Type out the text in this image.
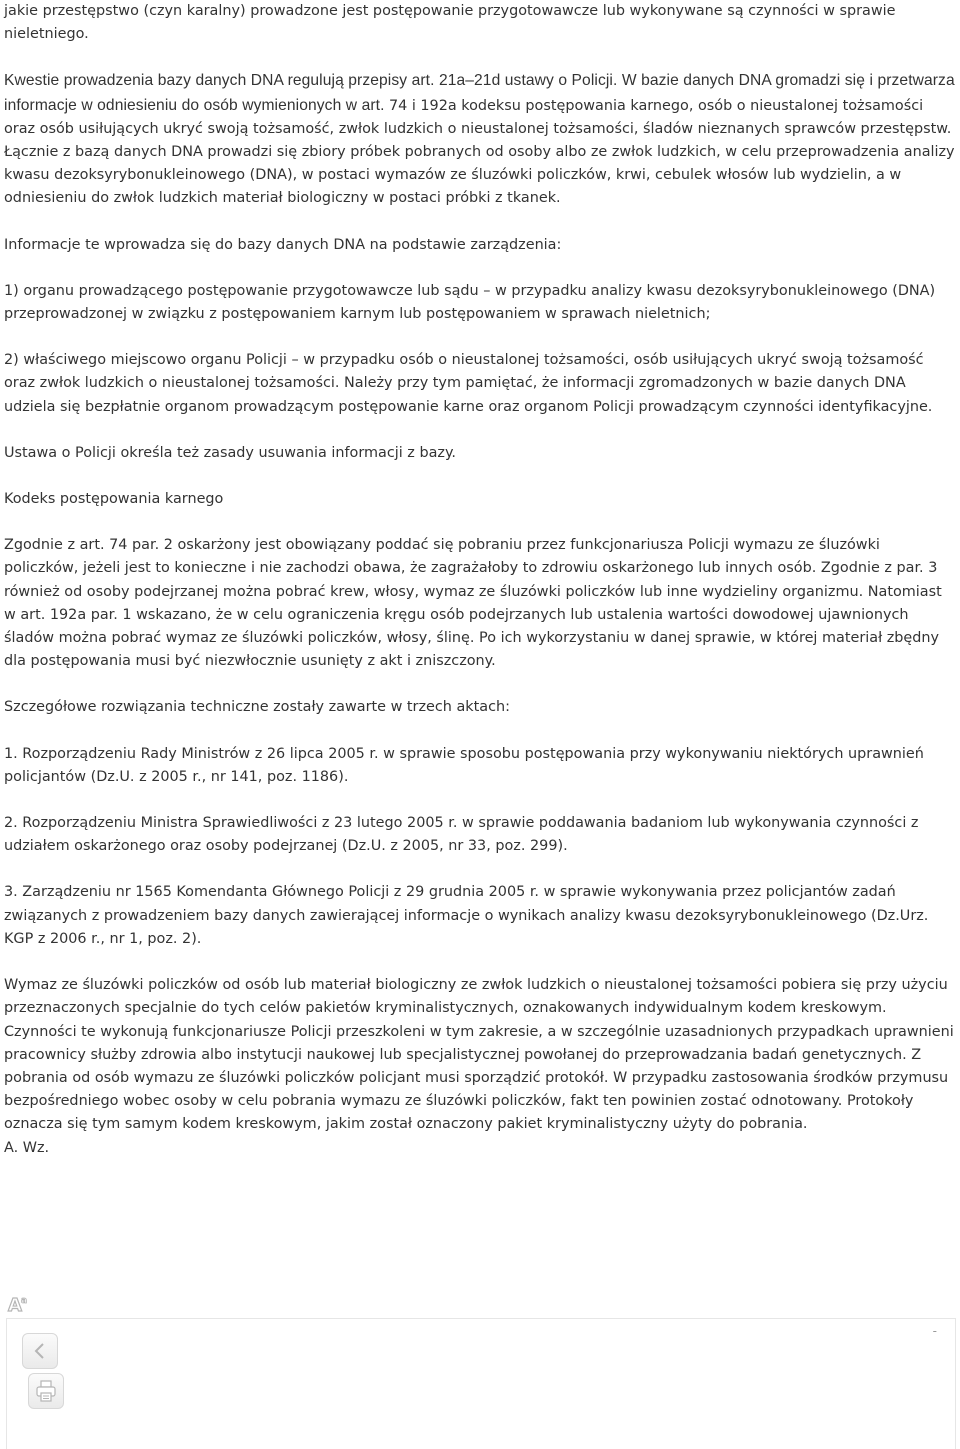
jakie przestępstwo (czyn karalny) prowadzone jest postępowanie przygotowawcze lub wykonywane są czynności w sprawie nieletniego.

Kwestie prowadzenia bazy danych DNA regulują przepisy art. 21a–21d ustawy o Policji. W bazie danych DNA gromadzi się i przetwarza informacje w odniesieniu do osób wymienionych w art. 74 i 192a kodeksu postępowania karnego, osób o nieustalonej tożsamości oraz osób usiłujących ukryć swoją tożsamość, zwłok ludzkich o nieustalonej tożsamości, śladów nieznanych sprawców przestępstw. Łącznie z bazą danych DNA prowadzi się zbiory próbek pobranych od osoby albo ze zwłok ludzkich, w celu przeprowadzenia analizy kwasu dezoksyrybonukleinowego (DNA), w postaci wymazów ze śluzówki policzków, krwi, cebulek włosów lub wydzielin, a w odniesieniu do zwłok ludzkich materiał biologiczny w postaci próbki z tkanek.

Informacje te wprowadza się do bazy danych DNA na podstawie zarządzenia:

1) organu prowadzącego postępowanie przygotowawcze lub sądu – w przypadku analizy kwasu dezoksyrybonukleinowego (DNA) przeprowadzonej w związku z postępowaniem karnym lub postępowaniem w sprawach nieletnich;

2) właściwego miejscowo organu Policji – w przypadku osób o nieustalonej tożsamości, osób usiłujących ukryć swoją tożsamość oraz zwłok ludzkich o nieustalonej tożsamości. Należy przy tym pamiętać, że informacji zgromadzonych w bazie danych DNA udziela się bezpłatnie organom prowadzącym postępowanie karne oraz organom Policji prowadzącym czynności identyfikacyjne.

Ustawa o Policji określa też zasady usuwania informacji z bazy.

Kodeks postępowania karnego

Zgodnie z art. 74 par. 2 oskarżony jest obowiązany poddać się pobraniu przez funkcjonariusza Policji wymazu ze śluzówki policzków, jeżeli jest to konieczne i nie zachodzi obawa, że zagrażałoby to zdrowiu oskarżonego lub innych osób. Zgodnie z par. 3 również od osoby podejrzanej można pobrać krew, włosy, wymaz ze śluzówki policzków lub inne wydzieliny organizmu. Natomiast w art. 192a par. 1 wskazano, że w celu ograniczenia kręgu osób podejrzanych lub ustalenia wartości dowodowej ujawnionych śladów można pobrać wymaz ze śluzówki policzków, włosy, ślinę. Po ich wykorzystaniu w danej sprawie, w której materiał zbędny dla postępowania musi być niezwłocznie usunięty z akt i zniszczony.

Szczegółowe rozwiązania techniczne zostały zawarte w trzech aktach:

1. Rozporządzeniu Rady Ministrów z 26 lipca 2005 r. w sprawie sposobu postępowania przy wykonywaniu niektórych uprawnień policjantów (Dz.U. z 2005 r., nr 141, poz. 1186).

2. Rozporządzeniu Ministra Sprawiedliwości z 23 lutego 2005 r. w sprawie poddawania badaniom lub wykonywania czynności z udziałem oskarżonego oraz osoby podejrzanej (Dz.U. z 2005, nr 33, poz. 299).

3. Zarządzeniu nr 1565 Komendanta Głównego Policji z 29 grudnia 2005 r. w sprawie wykonywania przez policjantów zadań związanych z prowadzeniem bazy danych zawierającej informacje o wynikach analizy kwasu dezoksyrybonukleinowego (Dz.Urz. KGP z 2006 r., nr 1, poz. 2).

Wymaz ze śluzówki policzków od osób lub materiał biologiczny ze zwłok ludzkich o nieustalonej tożsamości pobiera się przy użyciu przeznaczonych specjalnie do tych celów pakietów kryminalistycznych, oznakowanych indywidualnym kodem kreskowym. Czynności te wykonują funkcjonariusze Policji przeszkoleni w tym zakresie, a w szczególnie uzasadnionych przypadkach uprawnieni pracownicy służby zdrowia albo instytucji naukowej lub specjalistycznej powołanej do przeprowadzania badań genetycznych. Z pobrania od osób wymazu ze śluzówki policzków policjant musi sporządzić protokół. W przypadku zastosowania środków przymusu bezpośredniego wobec osoby w celu pobrania wymazu ze śluzówki policzków, fakt ten powinien zostać odnotowany. Protokoły oznacza się tym samym kodem kreskowym, jakim został oznaczony pakiet kryminalistyczny użyty do pobrania.

A. Wz.

A a
-
